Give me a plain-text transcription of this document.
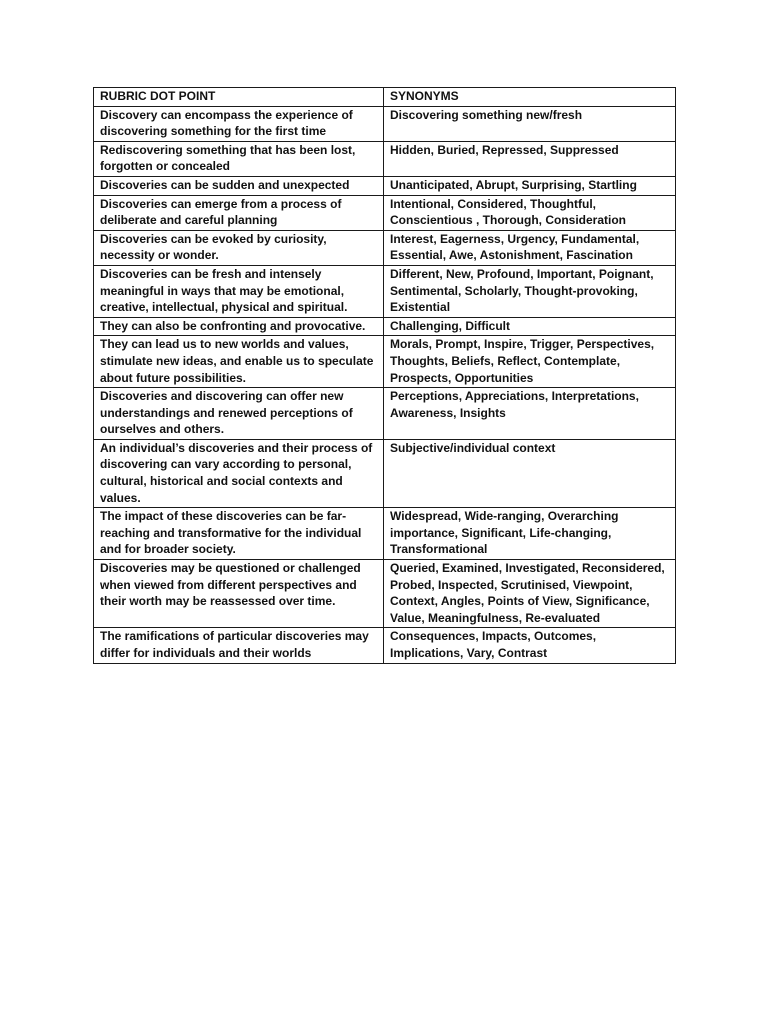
RUBRIC DOT POINT	SYNONYMS
Discovery can encompass the experience of discovering something for the first time	Discovering something new/fresh
Rediscovering something that has been lost, forgotten or concealed	Hidden, Buried, Repressed, Suppressed
Discoveries can be sudden and unexpected	Unanticipated, Abrupt, Surprising, Startling
Discoveries can emerge from a process of deliberate and careful planning	Intentional, Considered, Thoughtful, Conscientious , Thorough, Consideration
Discoveries can be evoked by curiosity, necessity or wonder.	Interest, Eagerness, Urgency, Fundamental, Essential, Awe, Astonishment, Fascination
Discoveries can be fresh and intensely meaningful in ways that may be emotional, creative, intellectual, physical and spiritual.	Different, New, Profound, Important, Poignant, Sentimental, Scholarly, Thought-provoking, Existential
They can also be confronting and provocative.	Challenging, Difficult
They can lead us to new worlds and values, stimulate new ideas, and enable us to speculate about future possibilities.	Morals, Prompt, Inspire, Trigger, Perspectives, Thoughts, Beliefs, Reflect, Contemplate, Prospects, Opportunities
Discoveries and discovering can offer new understandings and renewed perceptions of ourselves and others.	Perceptions, Appreciations, Interpretations, Awareness, Insights
An individual’s discoveries and their process of discovering can vary according to personal, cultural, historical and social contexts and values.	Subjective/individual context
The impact of these discoveries can be far-reaching and transformative for the individual and for broader society.	Widespread, Wide-ranging, Overarching importance, Significant, Life-changing, Transformational
Discoveries may be questioned or challenged when viewed from different perspectives and their worth may be reassessed over time.	Queried, Examined, Investigated, Reconsidered, Probed, Inspected, Scrutinised, Viewpoint, Context, Angles, Points of View, Significance, Value, Meaningfulness, Re-evaluated
The ramifications of particular discoveries may differ for individuals and their worlds	Consequences, Impacts, Outcomes, Implications, Vary, Contrast
